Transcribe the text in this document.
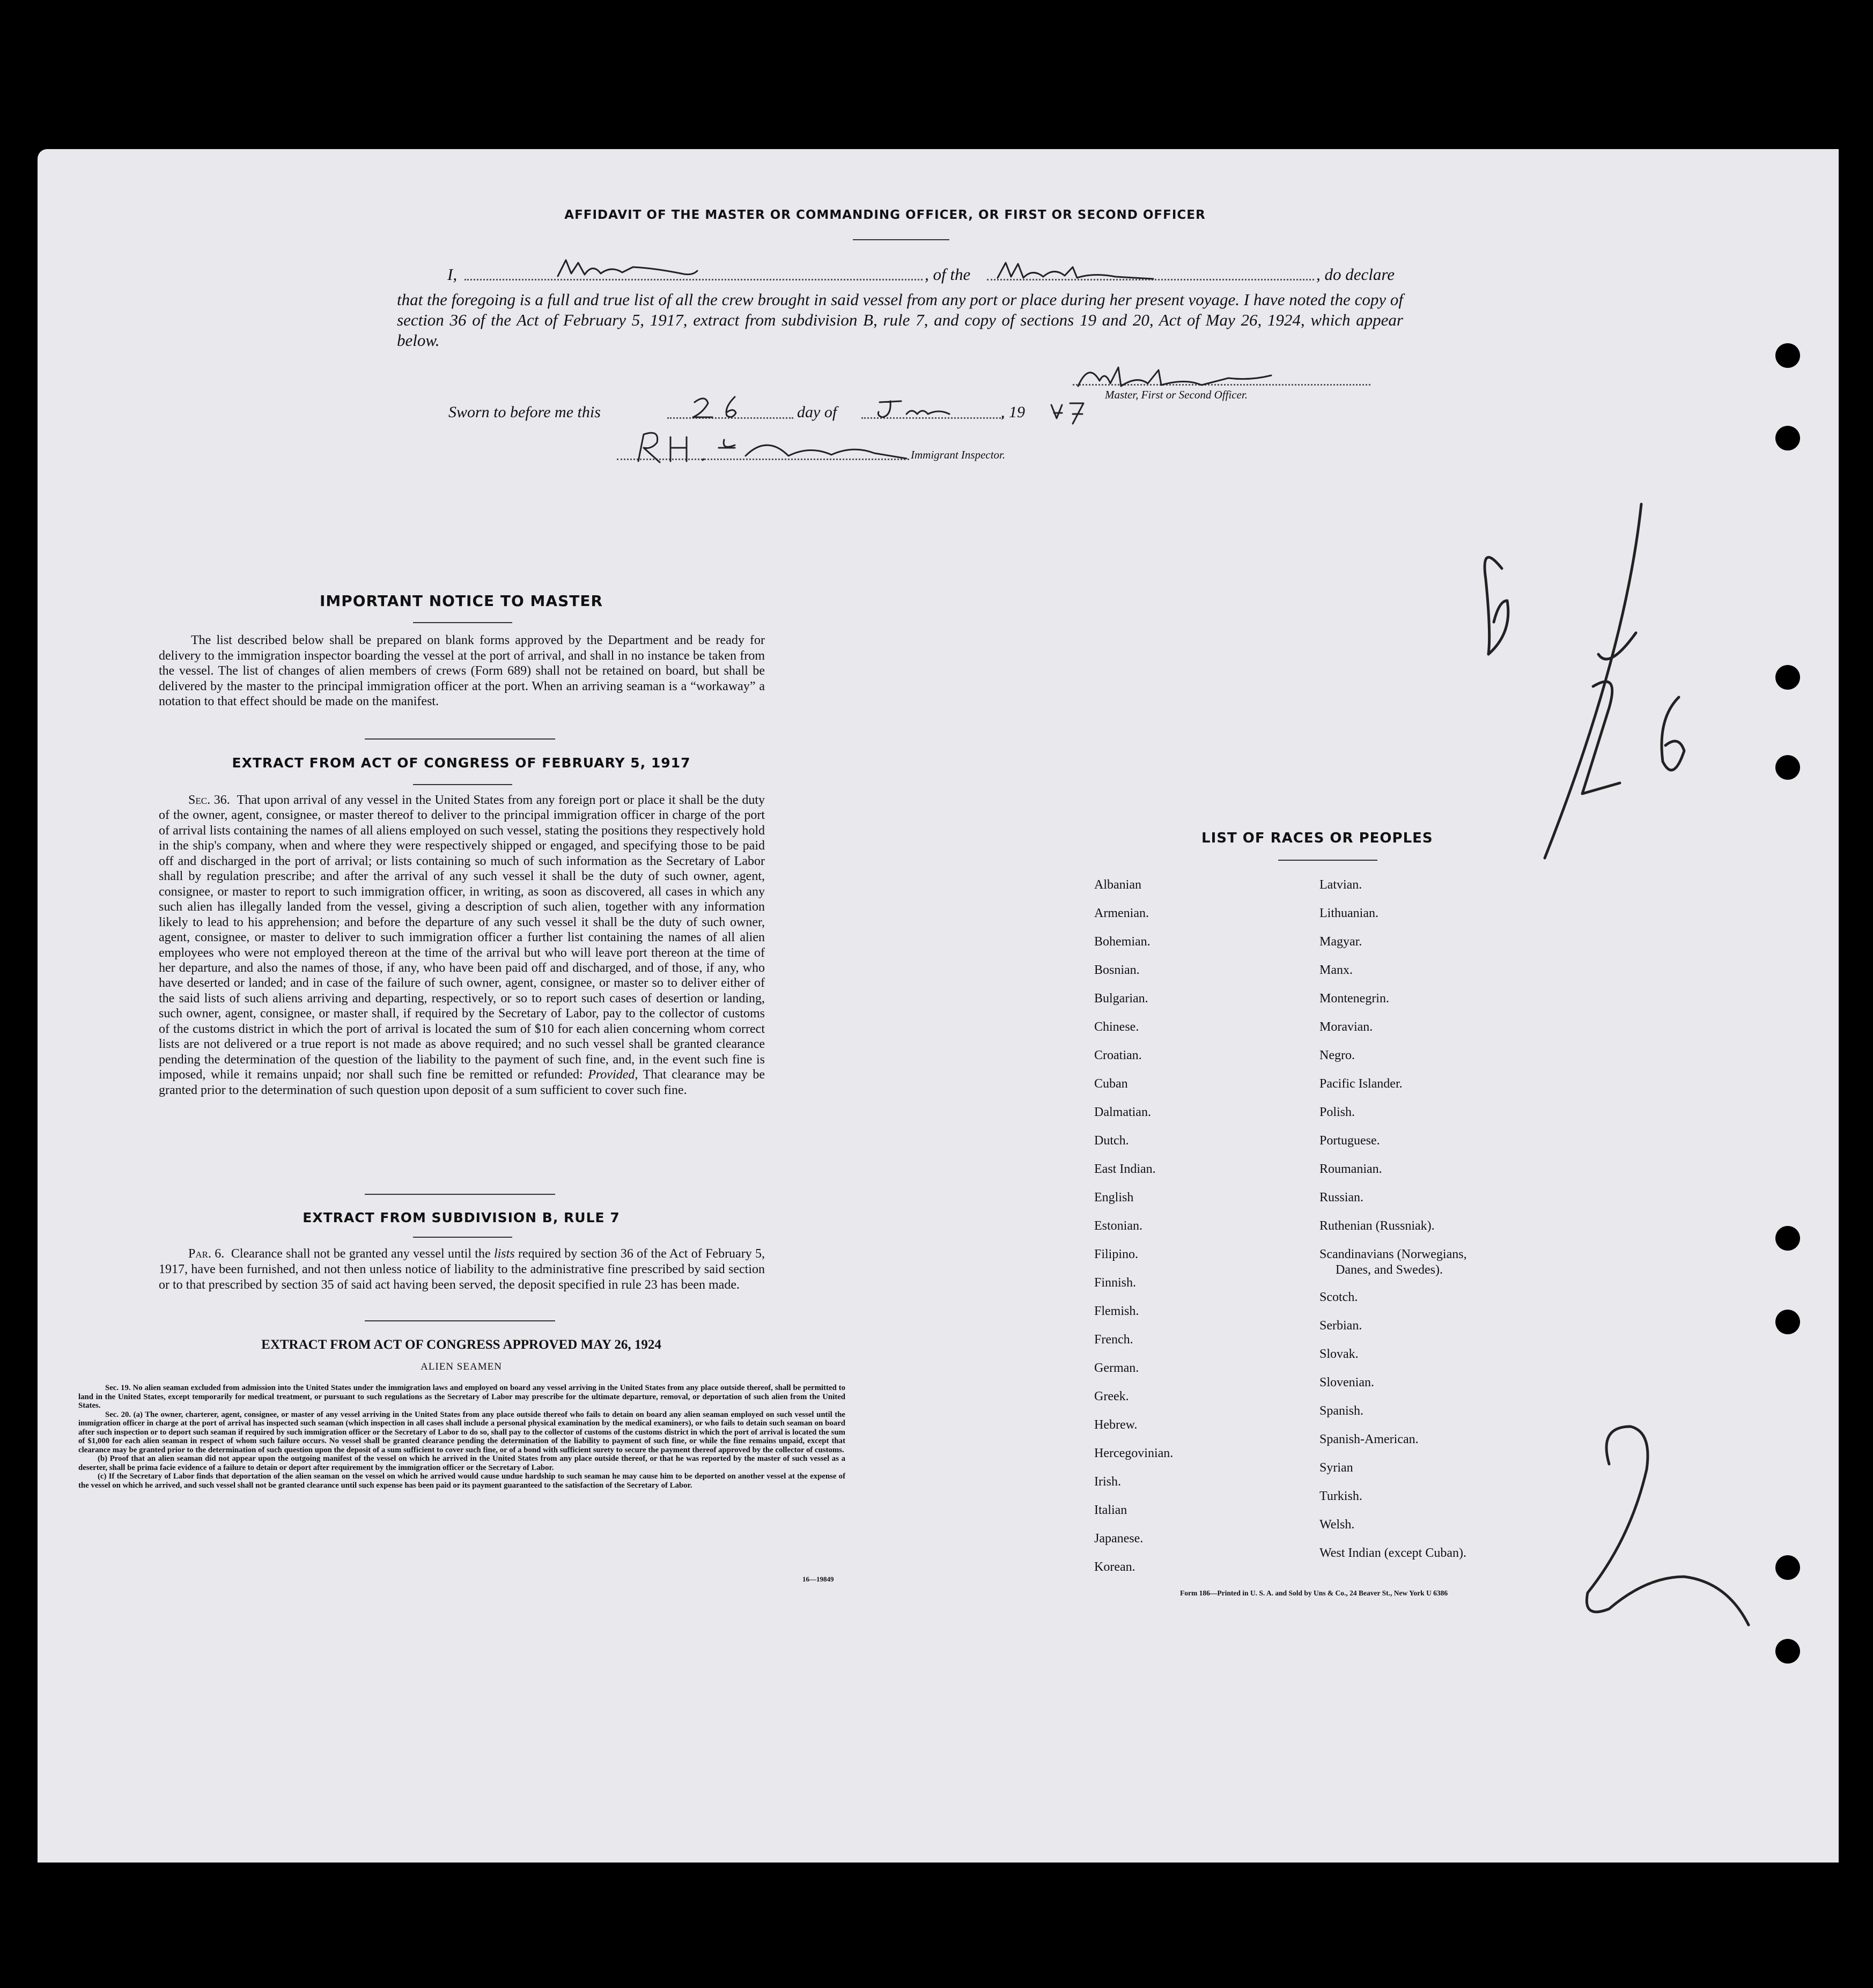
AFFIDAVIT OF THE MASTER OR COMMANDING OFFICER, OR FIRST OR SECOND OFFICER
I,	, of the	, do declare
that the foregoing is a full and true list of all the crew brought in said vessel from any port or place during her present voyage. I have noted the copy of section 36 of the Act of February 5, 1917, extract from subdivision B, rule 7, and copy of sections 19 and 20, Act of May 26, 1924, which appear below.
Master, First or Second Officer.
Sworn to before me this	day of	, 19
Immigrant Inspector.
IMPORTANT NOTICE TO MASTER
The list described below shall be prepared on blank forms approved by the Department and be ready for delivery to the immigration inspector boarding the vessel at the port of arrival, and shall in no instance be taken from the vessel. The list of changes of alien members of crews (Form 689) shall not be retained on board, but shall be delivered by the master to the principal immigration officer at the port. When an arriving seaman is a “workaway” a notation to that effect should be made on the manifest.
EXTRACT FROM ACT OF CONGRESS OF FEBRUARY 5, 1917
Sec. 36. That upon arrival of any vessel in the United States from any foreign port or place it shall be the duty of the owner, agent, consignee, or master thereof to deliver to the principal immigration officer in charge of the port of arrival lists containing the names of all aliens employed on such vessel, stating the positions they respectively hold in the ship's company, when and where they were respectively shipped or engaged, and specifying those to be paid off and discharged in the port of arrival; or lists containing so much of such information as the Secretary of Labor shall by regulation prescribe; and after the arrival of any such vessel it shall be the duty of such owner, agent, consignee, or master to report to such immigration officer, in writing, as soon as discovered, all cases in which any such alien has illegally landed from the vessel, giving a description of such alien, together with any information likely to lead to his apprehension; and before the departure of any such vessel it shall be the duty of such owner, agent, consignee, or master to deliver to such immigration officer a further list containing the names of all alien employees who were not employed thereon at the time of the arrival but who will leave port thereon at the time of her departure, and also the names of those, if any, who have been paid off and discharged, and of those, if any, who have deserted or landed; and in case of the failure of such owner, agent, consignee, or master so to deliver either of the said lists of such aliens arriving and departing, respectively, or so to report such cases of desertion or landing, such owner, agent, consignee, or master shall, if required by the Secretary of Labor, pay to the collector of customs of the customs district in which the port of arrival is located the sum of $10 for each alien concerning whom correct lists are not delivered or a true report is not made as above required; and no such vessel shall be granted clearance pending the determination of the question of the liability to the payment of such fine, and, in the event such fine is imposed, while it remains unpaid; nor shall such fine be remitted or refunded: Provided, That clearance may be granted prior to the determination of such question upon deposit of a sum sufficient to cover such fine.
EXTRACT FROM SUBDIVISION B, RULE 7
Par. 6. Clearance shall not be granted any vessel until the lists required by section 36 of the Act of February 5, 1917, have been furnished, and not then unless notice of liability to the administrative fine prescribed by said section or to that prescribed by section 35 of said act having been served, the deposit specified in rule 23 has been made.
EXTRACT FROM ACT OF CONGRESS APPROVED MAY 26, 1924
ALIEN SEAMEN
Sec. 19. No alien seaman excluded from admission into the United States under the immigration laws and employed on board any vessel arriving in the United States from any place outside thereof, shall be permitted to land in the United States, except temporarily for medical treatment, or pursuant to such regulations as the Secretary of Labor may prescribe for the ultimate departure, removal, or deportation of such alien from the United States.
Sec. 20. (a) The owner, charterer, agent, consignee, or master of any vessel arriving in the United States from any place outside thereof who fails to detain on board any alien seaman employed on such vessel until the immigration officer in charge at the port of arrival has inspected such seaman (which inspection in all cases shall include a personal physical examination by the medical examiners), or who fails to detain such seaman on board after such inspection or to deport such seaman if required by such immigration officer or the Secretary of Labor to do so, shall pay to the collector of customs of the customs district in which the port of arrival is located the sum of $1,000 for each alien seaman in respect of whom such failure occurs. No vessel shall be granted clearance pending the determination of the liability to payment of such fine, or while the fine remains unpaid, except that clearance may be granted prior to the determination of such question upon the deposit of a sum sufficient to cover such fine, or of a bond with sufficient surety to secure the payment thereof approved by the collector of customs.
(b) Proof that an alien seaman did not appear upon the outgoing manifest of the vessel on which he arrived in the United States from any place outside thereof, or that he was reported by the master of such vessel as a deserter, shall be prima facie evidence of a failure to detain or deport after requirement by the immigration officer or the Secretary of Labor.
(c) If the Secretary of Labor finds that deportation of the alien seaman on the vessel on which he arrived would cause undue hardship to such seaman he may cause him to be deported on another vessel at the expense of the vessel on which he arrived, and such vessel shall not be granted clearance until such expense has been paid or its payment guaranteed to the satisfaction of the Secretary of Labor.
16—19849
LIST OF RACES OR PEOPLES
Albanian
Armenian.
Bohemian.
Bosnian.
Bulgarian.
Chinese.
Croatian.
Cuban
Dalmatian.
Dutch.
East Indian.
English
Estonian.
Filipino.
Finnish.
Flemish.
French.
German.
Greek.
Hebrew.
Hercegovinian.
Irish.
Italian
Japanese.
Korean.
Latvian.
Lithuanian.
Magyar.
Manx.
Montenegrin.
Moravian.
Negro.
Pacific Islander.
Polish.
Portuguese.
Roumanian.
Russian.
Ruthenian (Russniak).
Scandinavians (Norwegians,
Danes, and Swedes).
Scotch.
Serbian.
Slovak.
Slovenian.
Spanish.
Spanish-American.
Syrian
Turkish.
Welsh.
West Indian (except Cuban).
Form 186—Printed in U. S. A. and Sold by Uns & Co., 24 Beaver St., New York U 6386
